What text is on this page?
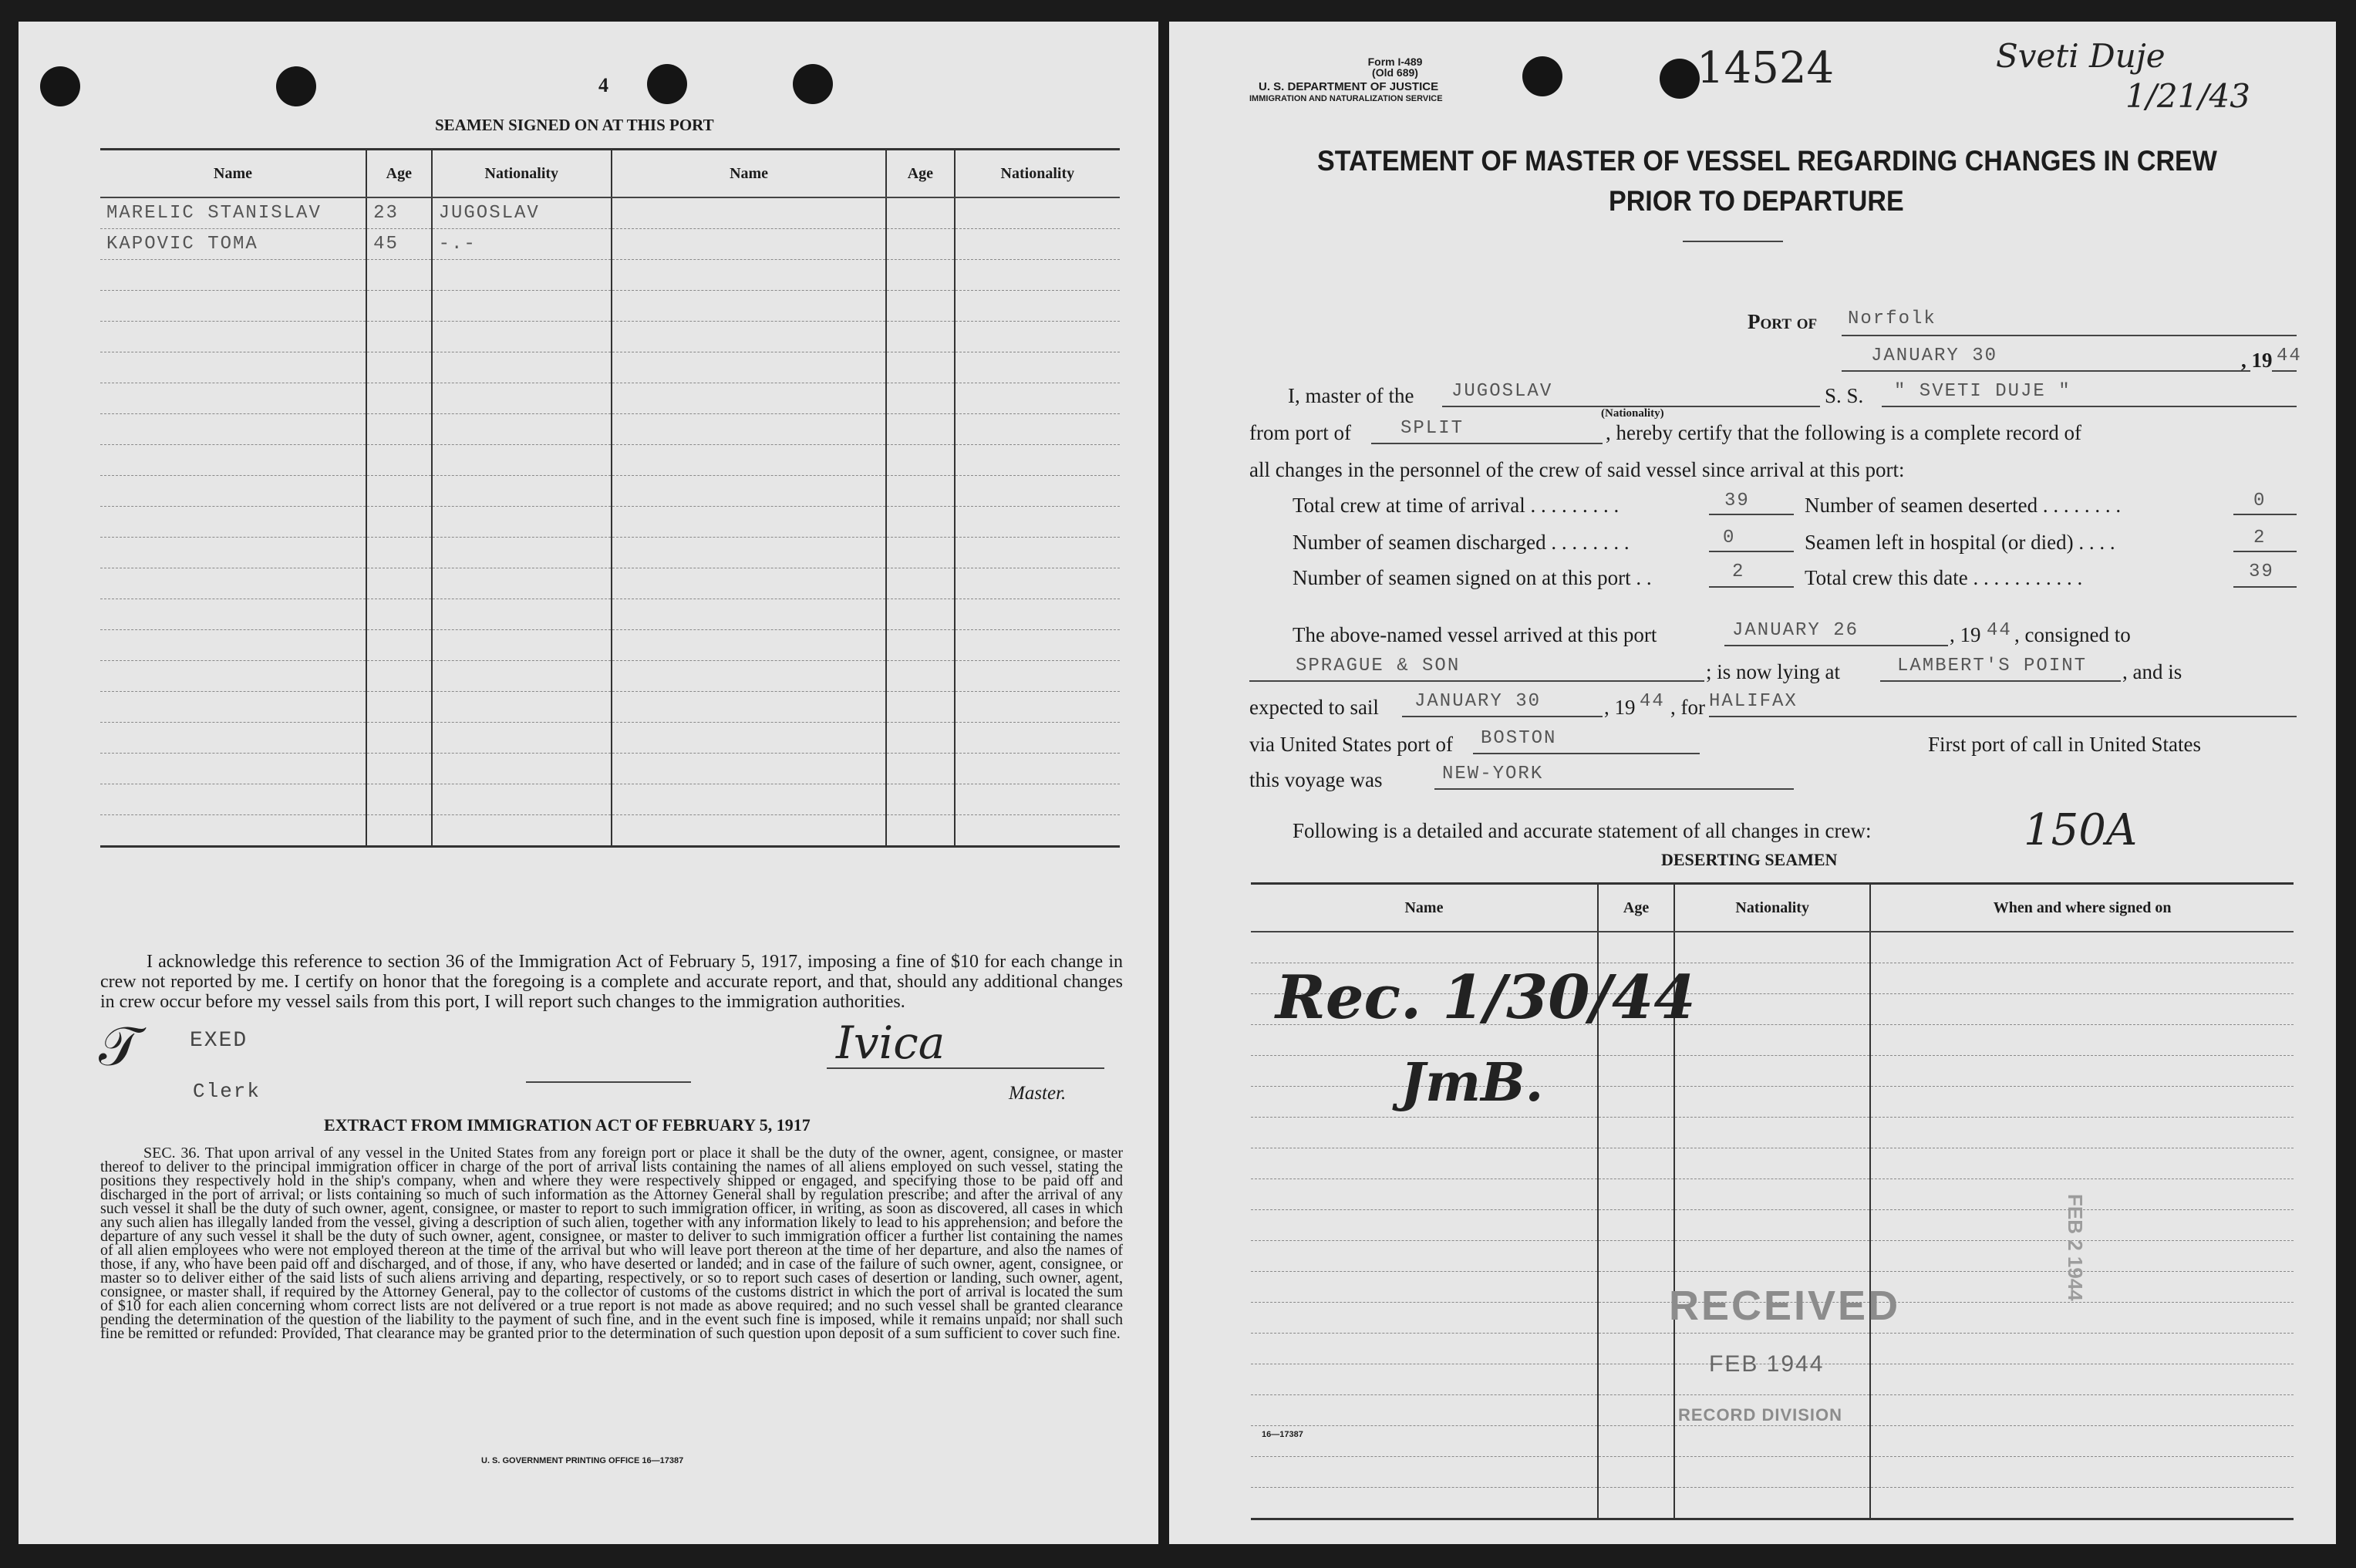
4
SEAMEN SIGNED ON AT THIS PORT
Name	Age	Nationality	Name	Age	Nationality
MARELIC STANISLAV	23	JUGOSLAV			
KAPOVIC TOMA	45	-.-			

I acknowledge this reference to section 36 of the Immigration Act of February 5, 1917, imposing a fine of $10 for each change in crew not reported by me. I certify on honor that the foregoing is a complete and accurate report, and that, should any additional changes in crew occur before my vessel sails from this port, I will report such changes to the immigration authorities.
𝒯 EXED
Clerk
Ivica
Master.
EXTRACT FROM IMMIGRATION ACT OF FEBRUARY 5, 1917
SEC. 36. That upon arrival of any vessel in the United States from any foreign port or place it shall be the duty of the owner, agent, consignee, or master thereof to deliver to the principal immigration officer in charge of the port of arrival lists containing the names of all aliens employed on such vessel, stating the positions they respectively hold in the ship's company, when and where they were respectively shipped or engaged, and specifying those to be paid off and discharged in the port of arrival; or lists containing so much of such information as the Attorney General shall by regulation prescribe; and after the arrival of any such vessel it shall be the duty of such owner, agent, consignee, or master to report to such immigration officer, in writing, as soon as discovered, all cases in which any such alien has illegally landed from the vessel, giving a description of such alien, together with any information likely to lead to his apprehension; and before the departure of any such vessel it shall be the duty of such owner, agent, consignee, or master to deliver to such immigration officer a further list containing the names of all alien employees who were not employed thereon at the time of the arrival but who will leave port thereon at the time of her departure, and also the names of those, if any, who have been paid off and discharged, and of those, if any, who have deserted or landed; and in case of the failure of such owner, agent, consignee, or master so to deliver either of the said lists of such aliens arriving and departing, respectively, or so to report such cases of desertion or landing, such owner, agent, consignee, or master shall, if required by the Attorney General, pay to the collector of customs of the customs district in which the port of arrival is located the sum of $10 for each alien concerning whom correct lists are not delivered or a true report is not made as above required; and no such vessel shall be granted clearance pending the determination of the question of the liability to the payment of such fine, and in the event such fine is imposed, while it remains unpaid; nor shall such fine be remitted or refunded: Provided, That clearance may be granted prior to the determination of such question upon deposit of a sum sufficient to cover such fine.
U. S. GOVERNMENT PRINTING OFFICE 16—17387
Form I-489
(Old 689)
U. S. DEPARTMENT OF JUSTICE
IMMIGRATION AND NATURALIZATION SERVICE
14524	Sveti Duje
1/21/43
STATEMENT OF MASTER OF VESSEL REGARDING CHANGES IN CREW
PRIOR TO DEPARTURE
Port of Norfolk
JANUARY 30	, 19 44
I, master of the JUGOSLAV
(Nationality)
S. S. " SVETI DUJE "
from port of	SPLIT	, hereby certify that the following is a complete record of
all changes in the personnel of the crew of said vessel since arrival at this port:
Total crew at time of arrival . . . . . . . . .	39	Number of seamen deserted . . . . . . . .	0
Number of seamen discharged . . . . . . . .	0	Seamen left in hospital (or died) . . . .	2
Number of seamen signed on at this port . .	2	Total crew this date . . . . . . . . . . .	39
The above-named vessel arrived at this port	JANUARY 26	, 19 44 , consigned to
SPRAGUE & SON	; is now lying at	LAMBERT'S POINT , and is
expected to sail JANUARY 30	, 19 44 , for HALIFAX
via United States port of BOSTON	First port of call in United States
this voyage was	NEW-YORK
Following is a detailed and accurate statement of all changes in crew:	150A
DESERTING SEAMEN
Name	Age	Nationality	When and where signed on

Rec. 1/30/44
JmB.
RECEIVED
FEB 1944
RECORD DIVISION
FEB 2 1944
16—17387
